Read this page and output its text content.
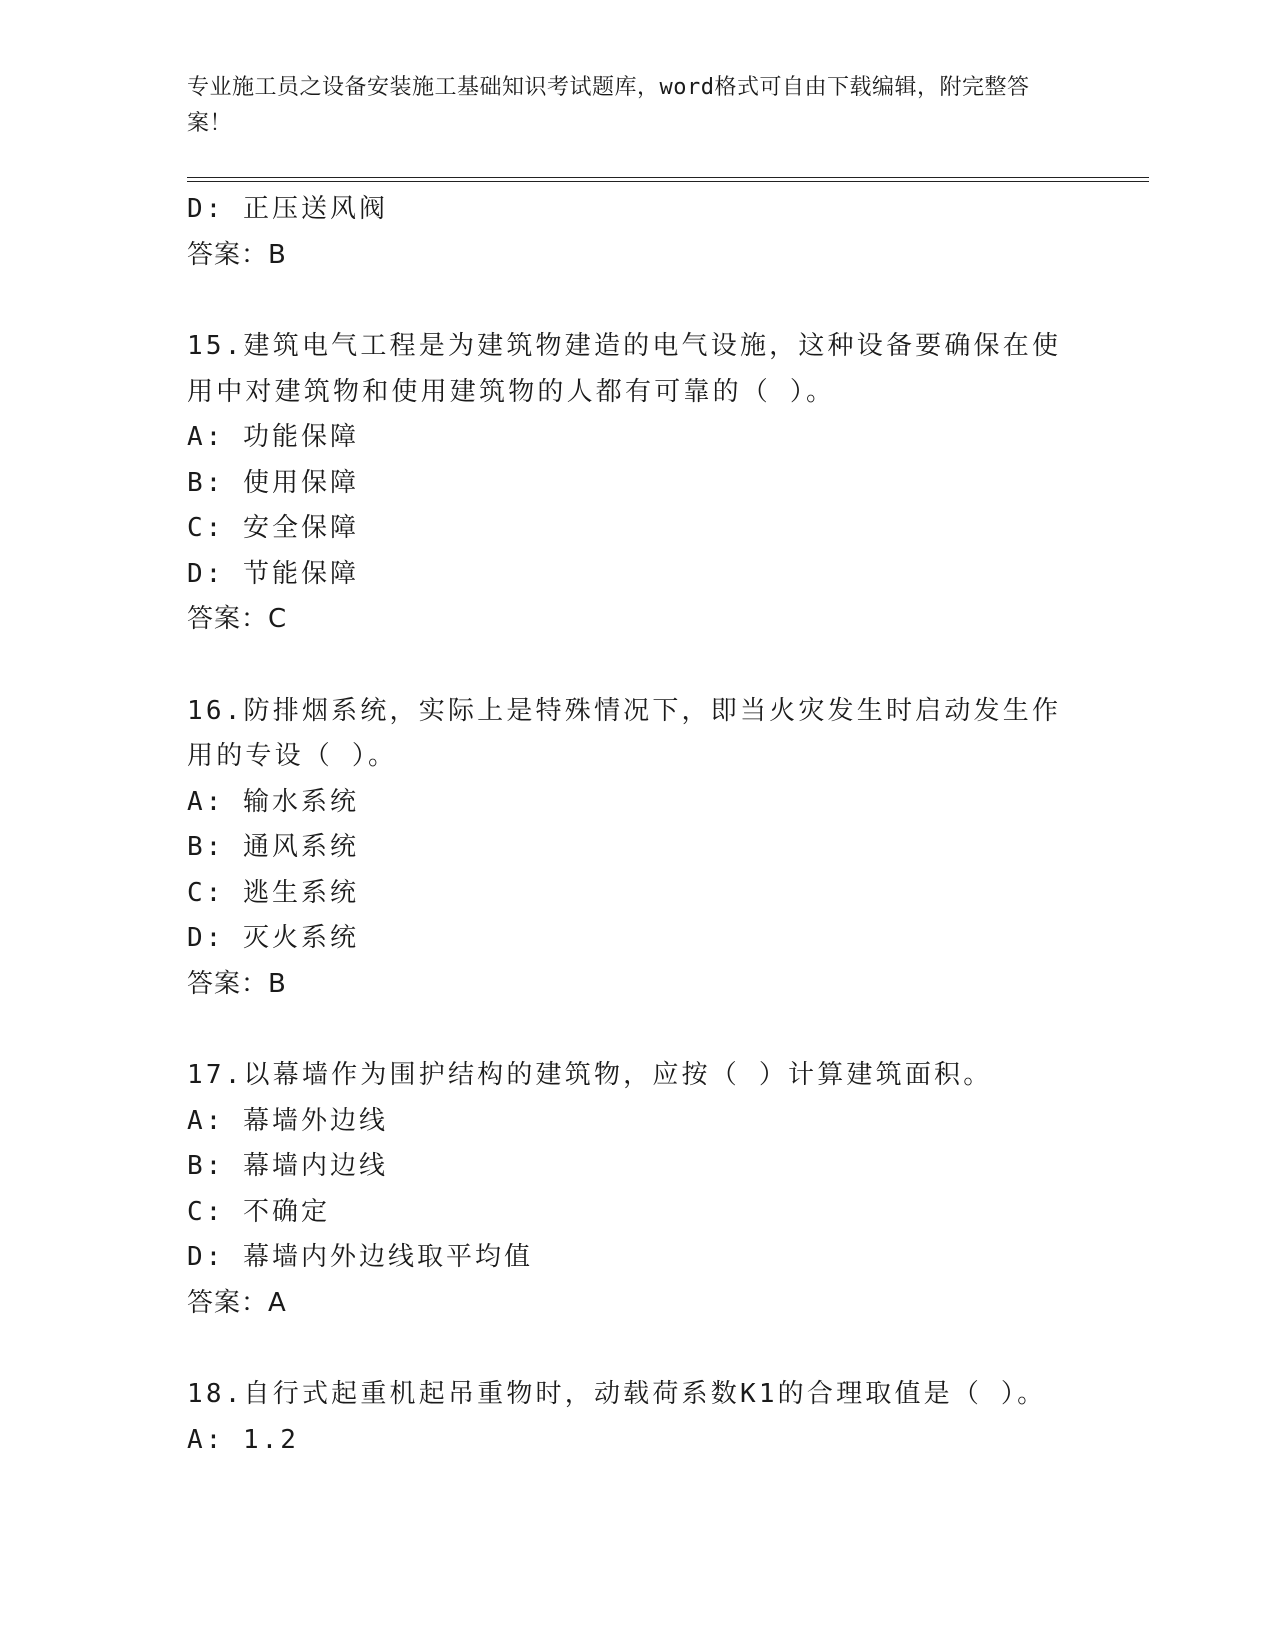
专业施工员之设备安装施工基础知识考试题库，word格式可自由下载编辑，附完整答案！
D: 正压送风阀
答案：B
15.建筑电气工程是为建筑物建造的电气设施，这种设备要确保在使用中对建筑物和使用建筑物的人都有可靠的（ ）。
A: 功能保障
B: 使用保障
C: 安全保障
D: 节能保障
答案：C
16.防排烟系统，实际上是特殊情况下，即当火灾发生时启动发生作用的专设（ ）。
A: 输水系统
B: 通风系统
C: 逃生系统
D: 灭火系统
答案：B
17.以幕墙作为围护结构的建筑物，应按（ ）计算建筑面积。
A: 幕墙外边线
B: 幕墙内边线
C: 不确定
D: 幕墙内外边线取平均值
答案：A
18.自行式起重机起吊重物时，动载荷系数K1的合理取值是（ ）。
A: 1.2
